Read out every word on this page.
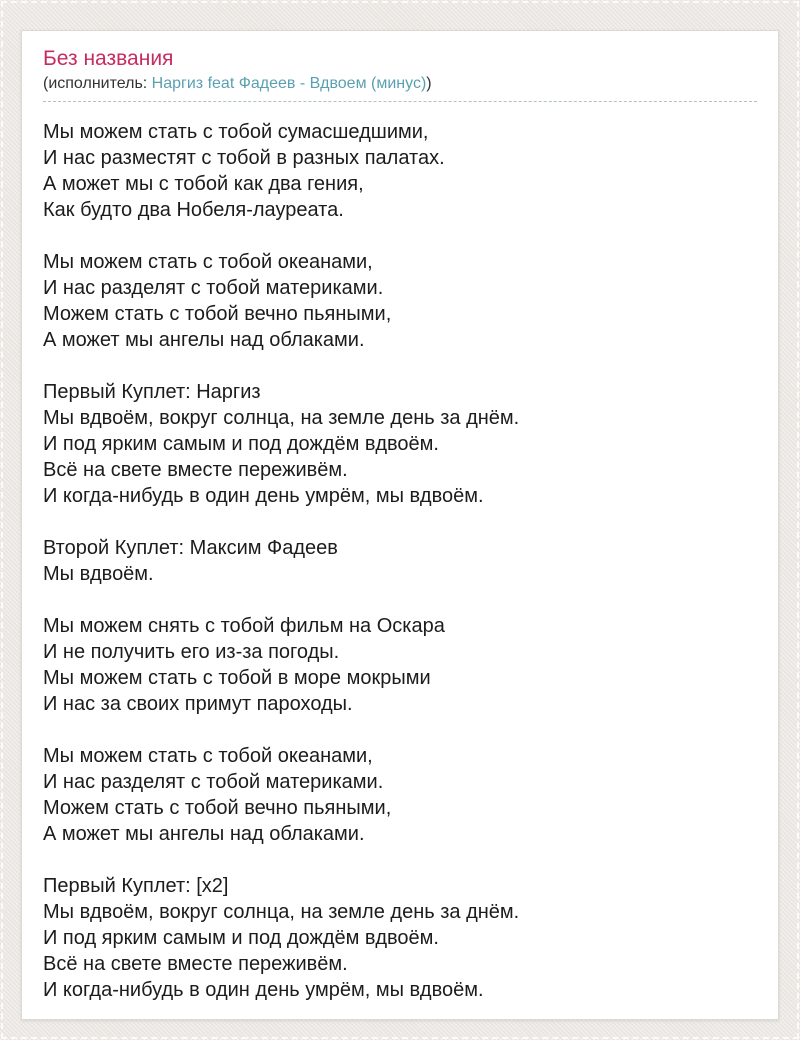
Без названия
(исполнитель: Наргиз feat Фадеев - Вдвоем (минус))
Мы можем стать с тобой сумасшедшими,
И нас разместят с тобой в разных палатах.
А может мы с тобой как два гения,
Как будто два Нобеля-лауреата.
Мы можем стать с тобой океанами,
И нас разделят с тобой материками.
Можем стать с тобой вечно пьяными,
А может мы ангелы над облаками.
Первый Куплет: Наргиз
Мы вдвоём, вокруг солнца, на земле день за днём.
И под ярким самым и под дождём вдвоём.
Всё на свете вместе переживём.
И когда-нибудь в один день умрём, мы вдвоём.
Второй Куплет: Максим Фадеев
Мы вдвоём.
Мы можем снять с тобой фильм на Оскара
И не получить его из-за погоды.
Мы можем стать с тобой в море мокрыми
И нас за своих примут пароходы.
Мы можем стать с тобой океанами,
И нас разделят с тобой материками.
Можем стать с тобой вечно пьяными,
А может мы ангелы над облаками.
Первый Куплет: [x2]
Мы вдвоём, вокруг солнца, на земле день за днём.
И под ярким самым и под дождём вдвоём.
Всё на свете вместе переживём.
И когда-нибудь в один день умрём, мы вдвоём.
